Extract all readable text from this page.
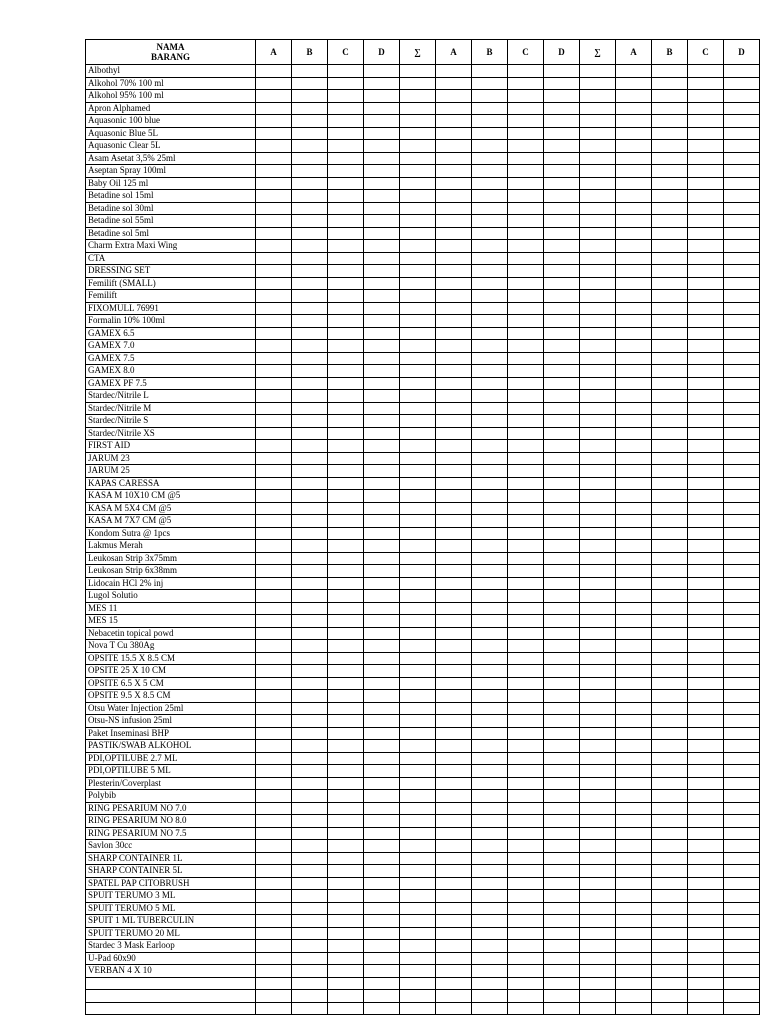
NAMA
BARANG	A	B	C	D	∑	A	B	C	D	∑	A	B	C	D
Albothyl														
Alkohol 70% 100 ml														
Alkohol 95% 100 ml														
Apron Alphamed														
Aquasonic 100 blue														
Aquasonic Blue 5L														
Aquasonic Clear 5L														
Asam Asetat 3,5% 25ml														
Aseptan Spray 100ml														
Baby Oil 125 ml														
Betadine sol 15ml														
Betadine sol 30ml														
Betadine sol 55ml														
Betadine sol 5ml														
Charm Extra Maxi Wing														
CTA														
DRESSING SET														
Femilift (SMALL)														
Femilift														
FIXOMULL 76991														
Formalin 10% 100ml														
GAMEX 6.5														
GAMEX 7.0														
GAMEX 7.5														
GAMEX 8.0														
GAMEX PF 7.5														
Stardec/Nitrile L														
Stardec/Nitrile M														
Stardec/Nitrile S														
Stardec/Nitrile XS														
FIRST AID														
JARUM 23														
JARUM 25														
KAPAS CARESSA														
KASA M 10X10 CM @5														
KASA M 5X4 CM @5														
KASA M 7X7 CM @5														
Kondom Sutra @ 1pcs														
Lakmus Merah														
Leukosan Strip 3x75mm														
Leukosan Strip 6x38mm														
Lidocain HCl 2% inj														
Lugol Solutio														
MES 11														
MES 15														
Nebacetin topical powd														
Nova T Cu 380Ag														
OPSITE 15.5 X 8.5 CM														
OPSITE 25 X 10 CM														
OPSITE 6.5 X 5 CM														
OPSITE 9.5 X 8.5 CM														
Otsu Water Injection 25ml														
Otsu-NS infusion 25ml														
Paket Inseminasi BHP														
PASTIK/SWAB ALKOHOL														
PDI,OPTILUBE 2.7 ML														
PDI,OPTILUBE 5 ML														
Plesterin/Coverplast														
Polybib														
RING PESARIUM NO 7.0														
RING PESARIUM NO 8.0														
RING PESARIUM NO 7.5														
Savlon 30cc														
SHARP CONTAINER 1L														
SHARP CONTAINER 5L														
SPATEL PAP CITOBRUSH														
SPUIT TERUMO 3 ML														
SPUIT TERUMO 5 ML														
SPUIT 1 ML TUBERCULIN														
SPUIT TERUMO 20 ML														
Stardec 3 Mask Earloop														
U-Pad 60x90														
VERBAN 4 X 10														
